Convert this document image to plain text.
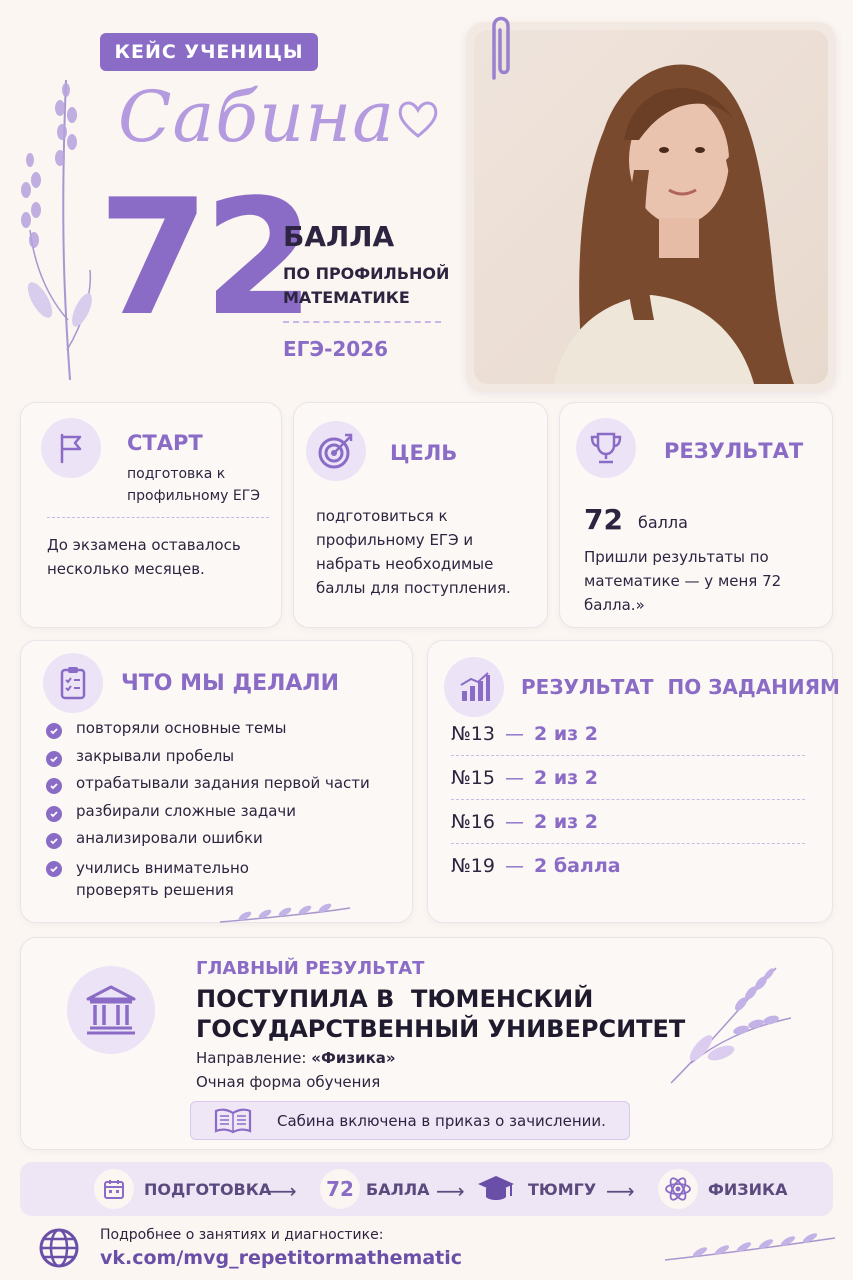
КЕЙС УЧЕНИЦЫ
Сабина
72
БАЛЛА
ПО ПРОФИЛЬНОЙ МАТЕМАТИКЕ
ЕГЭ-2026
СТАРТ
подготовка к профильному ЕГЭ
До экзамена оставалось несколько месяцев.
ЦЕЛЬ
подготовиться к профильному ЕГЭ и набрать необходимые баллы для поступления.
РЕЗУЛЬТАТ
72 балла
Пришли результаты по математике — у меня 72 балла.»
ЧТО МЫ ДЕЛАЛИ
повторяли основные темы
закрывали пробелы
отрабатывали задания первой части
разбирали сложные задачи
анализировали ошибки
учились внимательно проверять решения
РЕЗУЛЬТАТ  ПО ЗАДАНИЯМ
№13 — 2 из 2
№15 — 2 из 2
№16 — 2 из 2
№19 — 2 балла
ГЛАВНЫЙ РЕЗУЛЬТАТ
ПОСТУПИЛА В  ТЮМЕНСКИЙ
ГОСУДАРСТВЕННЫЙ УНИВЕРСИТЕТ
Направление: «Физика»
Очная форма обучения
Сабина включена в приказ о зачислении.
ПОДГОТОВКА
⟶	72 БАЛЛА ⟶	ТЮМГУ ⟶	ФИЗИКА
Подробнее о занятиях и диагностике:
vk.com/mvg_repetitormathematic
